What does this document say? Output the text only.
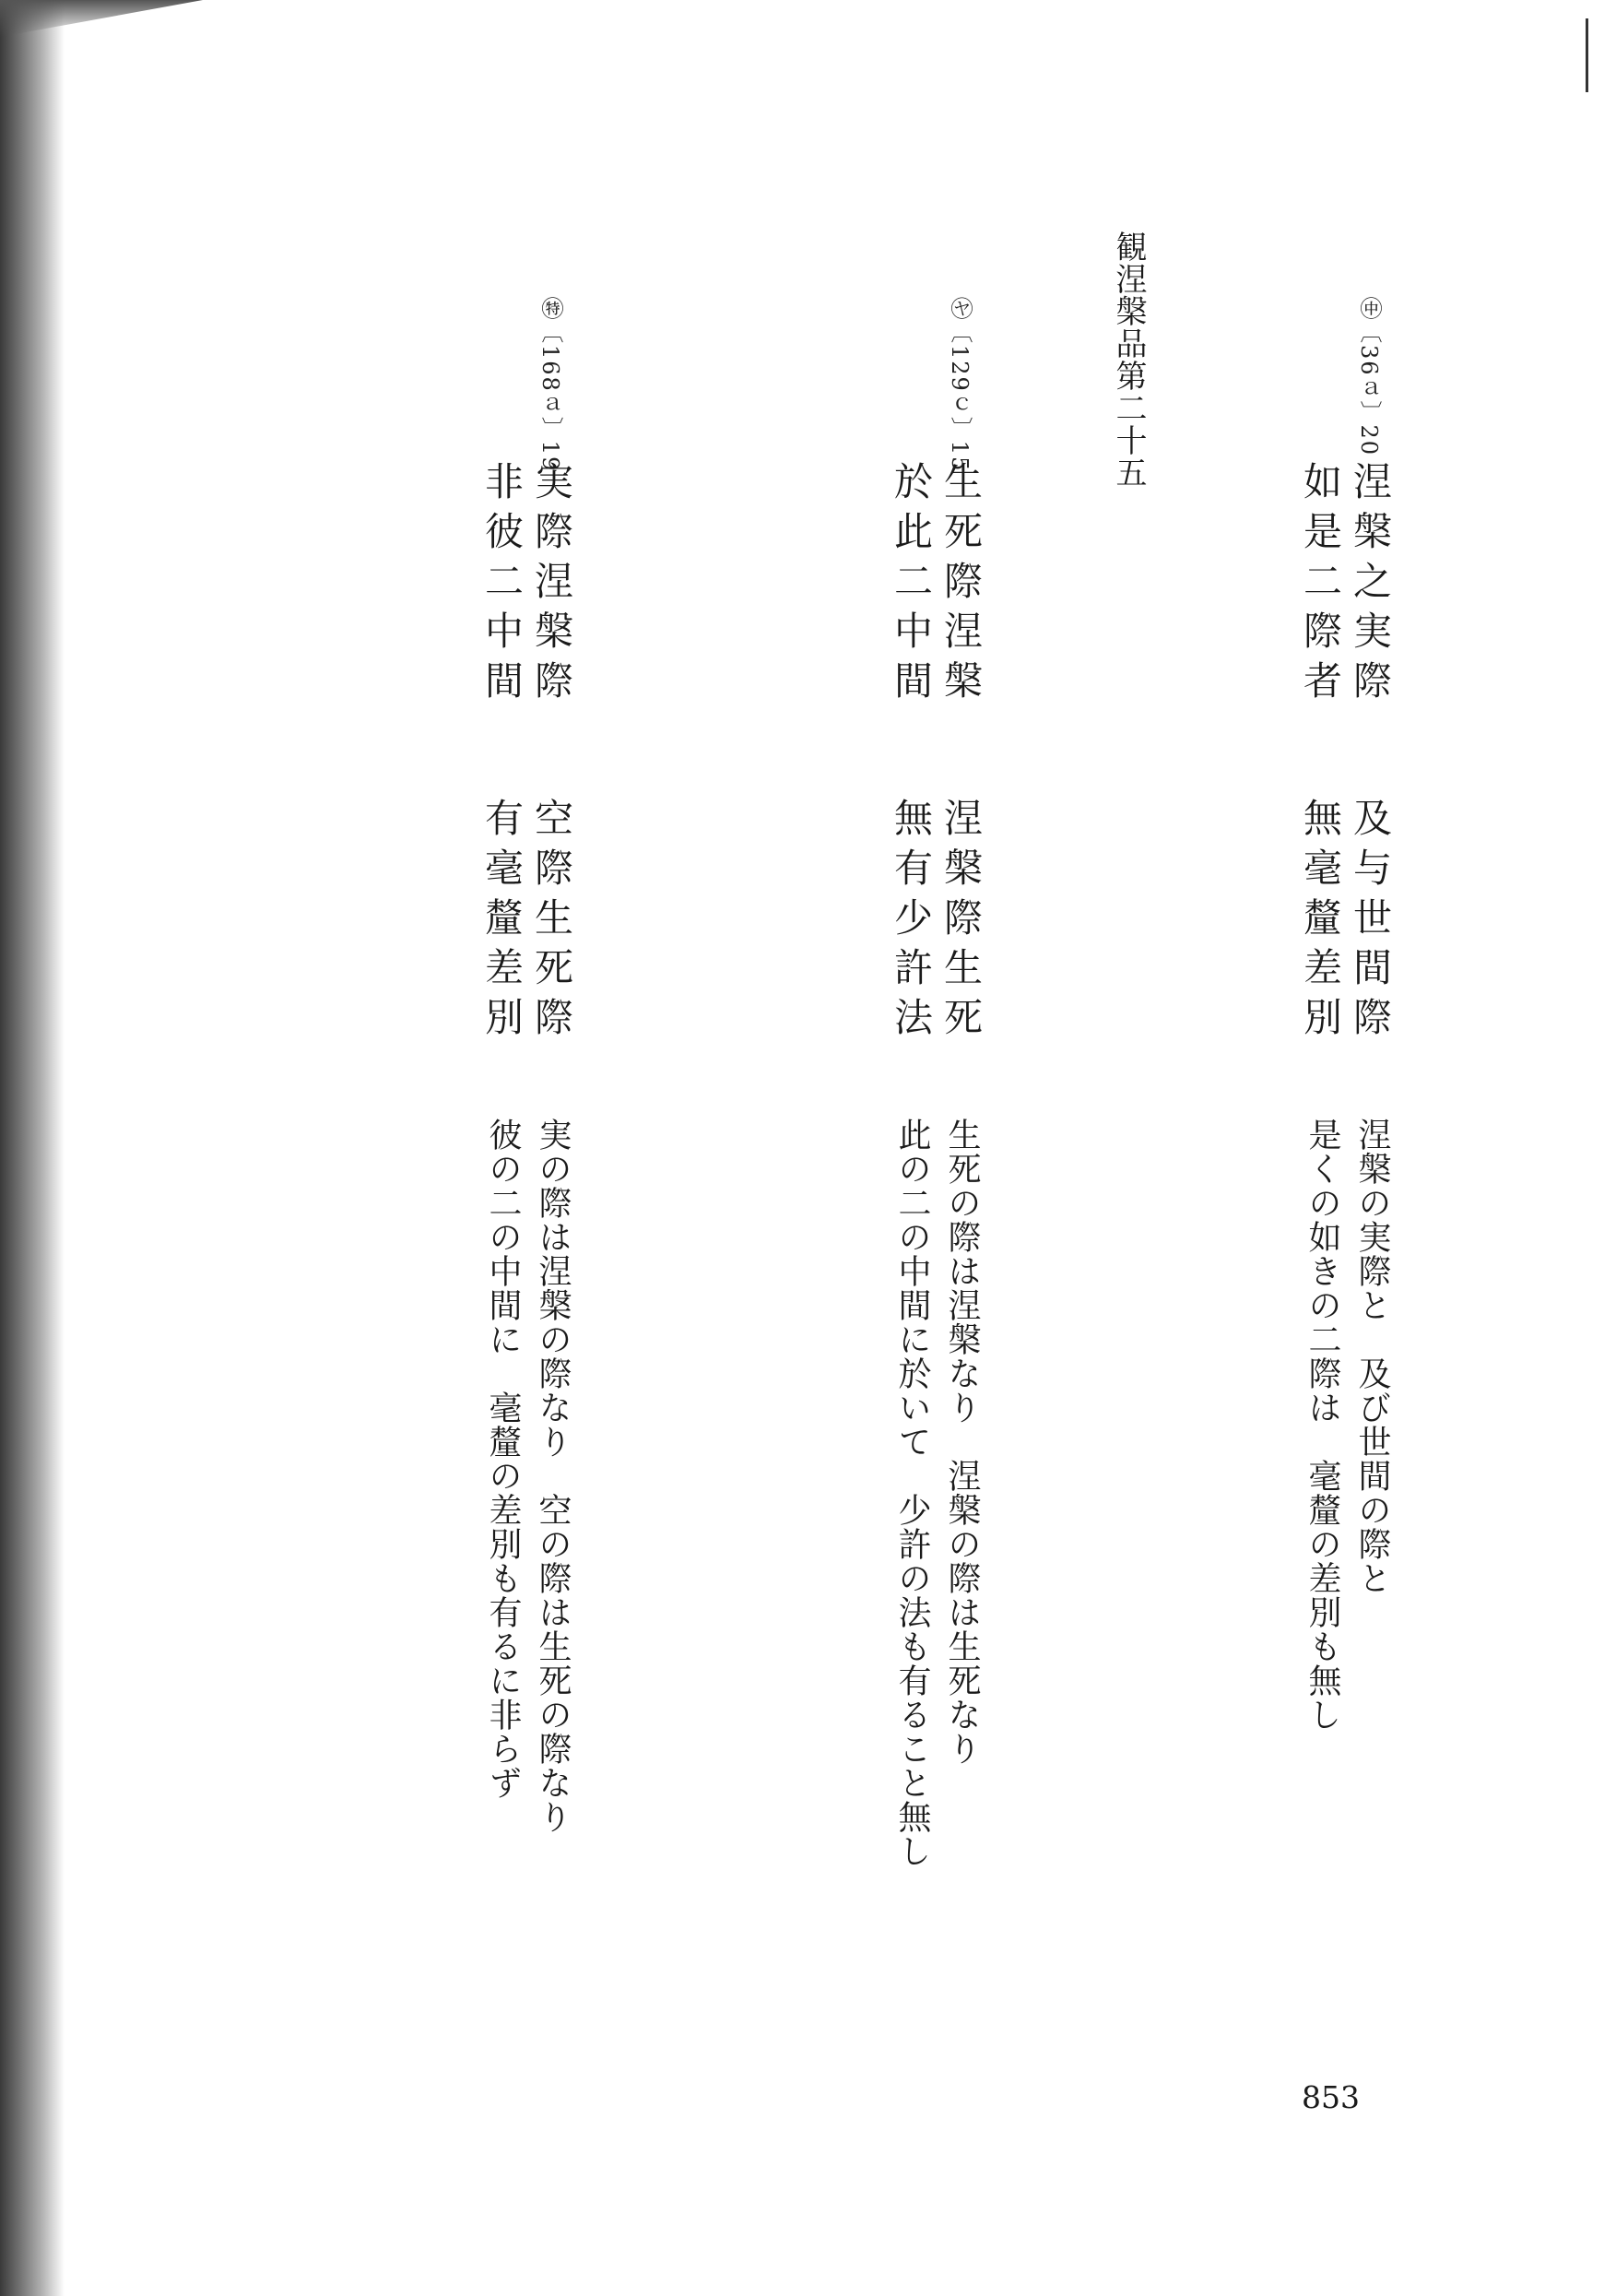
観涅槃品第二十五	㊥〔36ａ〕20
涅槃之実際及与世間際
如是二際者無毫釐差別
涅槃の実際と　及び世間の際と
是くの如きの二際は　毫釐の差別も無し
㋳〔129ｃ〕15
生死際涅槃涅槃際生死
於此二中間無有少許法
生死の際は涅槃なり　涅槃の際は生死なり
此の二の中間に於いて　少許の法も有ること無し
㊕〔168ａ〕19
実際涅槃際空際生死際
非彼二中間有毫釐差別
実の際は涅槃の際なり　空の際は生死の際なり
彼の二の中間に　毫釐の差別も有るに非らず
853
